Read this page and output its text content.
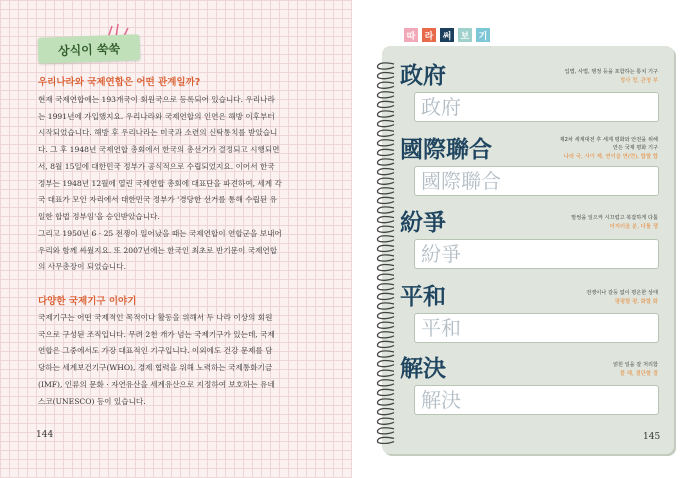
상식이 쑥쑥
우리나라와 국제연합은 어떤 관계일까?

현재 국제연합에는 193개국이 회원국으로 등록되어 있습니다. 우리나라
는 1991년에 가입했지요. 우리나라와 국제연합의 인연은 해방 이후부터
시작되었습니다. 해방 후 우리나라는 미국과 소련의 신탁통치를 받았습니
다. 그 후 1948년 국제연합 총회에서 한국의 총선거가 결정되고 시행되면
서, 8월 15일에 대한민국 정부가 공식적으로 수립되었지요. 이어서 한국
정부는 1948년 12월에 열린 국제연합 총회에 대표단을 파견하여, 세계 각
국 대표가 모인 자리에서 대한민국 정부가 '경당한 선거를 통해 수립된 유
일한 합법 정부임'을 승인받았습니다.

그리고 1950년 6 · 25 전쟁이 일어났을 때는 국제연합이 연합군을 보내어
우리와 함께 싸웠지요. 또 2007년에는 한국인 최초로 반기문이 국제연합
의 사무총장이 되었습니다.

다양한 국제기구 이야기

국제기구는 어떤 국제적인 목적이나 활동을 위해서 두 나라 이상의 회원
국으로 구성된 조직입니다. 무려 2천 개가 넘는 국제기구가 있는데, 국제
연합은 그중에서도 가장 대표적인 기구입니다. 이외에도 건강 문제를 담
당하는 세계보건기구(WHO), 경제 협력을 위해 노력하는 국제통화기금
(IMF), 인류의 문화 · 자연유산을 세계유산으로 지정하여 보호하는 유네
스코(UNESCO) 등이 있습니다.

144
따 라 써 보 기
政府	입법, 사법, 행정 등을 포함하는 통치 기구
정사 정, 관청 부
政府
國際聯合	제2차 세계대전 후 세계 평화와 안전을 위해
만든 국제 평화 기구
나라 국, 사이 제, 연이을 연(련), 합할 합
國際聯合
紛爭	말썽을 일으켜 시끄럽고 복잡하게 다툼
어지러울 분, 다툴 쟁
紛爭
平和	전쟁이나 갈등 없이 평온한 상태
평평할 평, 화할 화
平和
解決	얽힌 일을 잘 처리함
풀 해, 결단할 결
解決
145
